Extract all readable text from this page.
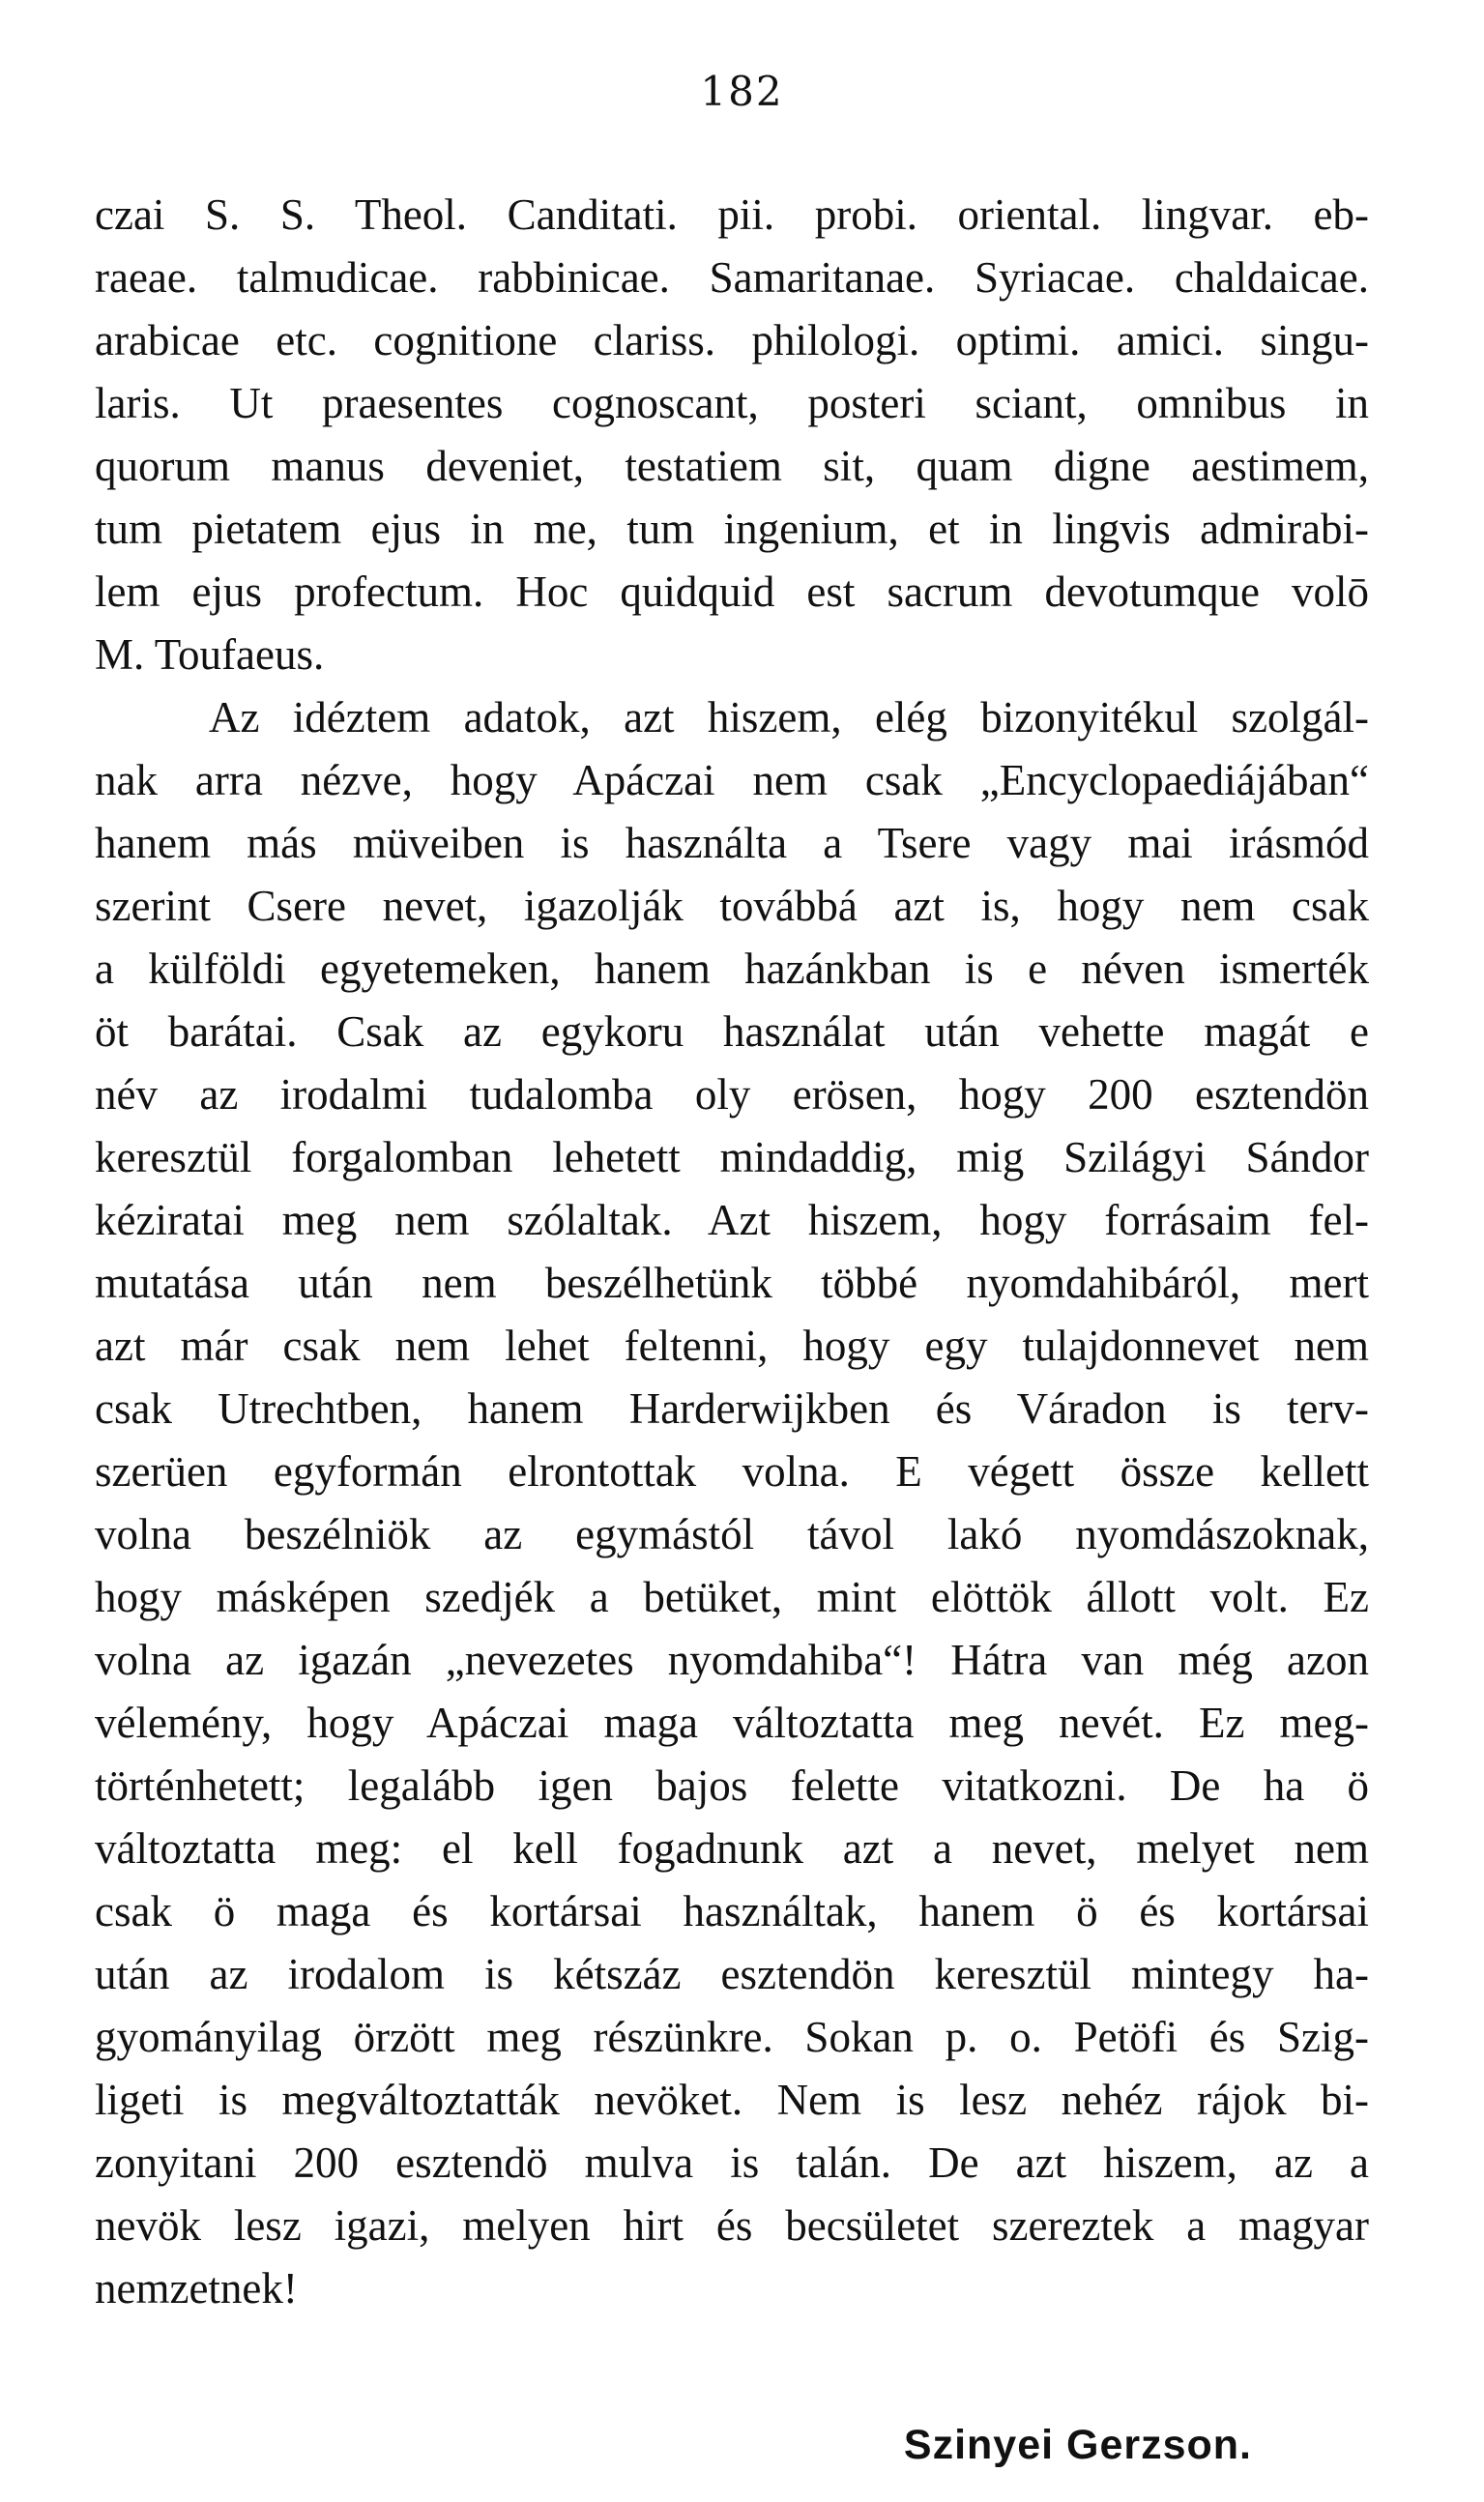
182
czai S. S. Theol. Canditati. pii. probi. oriental. lingvar. eb-
raeae. talmudicae. rabbinicae. Samaritanae. Syriacae. chaldaicae.
arabicae etc. cognitione clariss. philologi. optimi. amici. singu-
laris. Ut praesentes cognoscant, posteri sciant, omnibus in
quorum manus deveniet, testatiem sit, quam digne aestimem,
tum pietatem ejus in me, tum ingenium, et in lingvis admirabi-
lem ejus profectum. Hoc quidquid est sacrum devotumque volō
M. Toufaeus.
Az idéztem adatok, azt hiszem, elég bizonyitékul szolgál-
nak arra nézve, hogy Apáczai nem csak „Encyclopaediájában“
hanem más müveiben is használta a Tsere vagy mai irásmód
szerint Csere nevet, igazolják továbbá azt is, hogy nem csak
a külföldi egyetemeken, hanem hazánkban is e néven ismerték
öt barátai. Csak az egykoru használat után vehette magát e
név az irodalmi tudalomba oly erösen, hogy 200 esztendön
keresztül forgalomban lehetett mindaddig, mig Szilágyi Sándor
kéziratai meg nem szólaltak. Azt hiszem, hogy forrásaim fel-
mutatása után nem beszélhetünk többé nyomdahibáról, mert
azt már csak nem lehet feltenni, hogy egy tulajdonnevet nem
csak Utrechtben, hanem Harderwijkben és Váradon is terv-
szerüen egyformán elrontottak volna. E végett össze kellett
volna beszélniök az egymástól távol lakó nyomdászoknak,
hogy másképen szedjék a betüket, mint elöttök állott volt. Ez
volna az igazán „nevezetes nyomdahiba“! Hátra van még azon
vélemény, hogy Apáczai maga változtatta meg nevét. Ez meg-
történhetett; legalább igen bajos felette vitatkozni. De ha ö
változtatta meg: el kell fogadnunk azt a nevet, melyet nem
csak ö maga és kortársai használtak, hanem ö és kortársai
után az irodalom is kétszáz esztendön keresztül mintegy ha-
gyományilag örzött meg részünkre. Sokan p. o. Petöfi és Szig-
ligeti is megváltoztatták nevöket. Nem is lesz nehéz rájok bi-
zonyitani 200 esztendö mulva is talán. De azt hiszem, az a
nevök lesz igazi, melyen hirt és becsületet szereztek a magyar
nemzetnek!
Szinyei Gerzson.
